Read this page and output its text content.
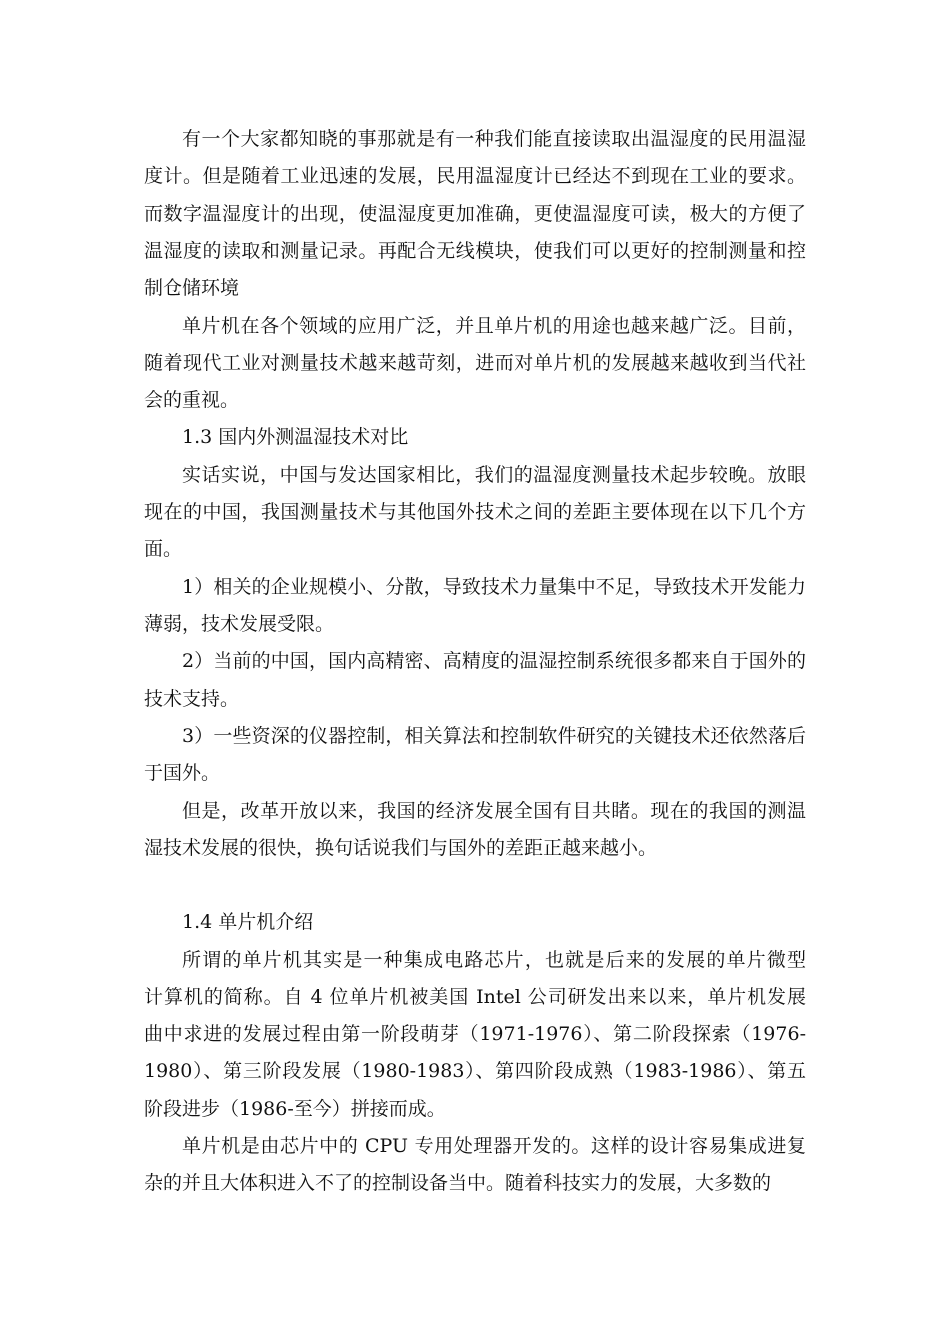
有一个大家都知晓的事那就是有一种我们能直接读取出温湿度的民用温湿
度计。但是随着工业迅速的发展，民用温湿度计已经达不到现在工业的要求。
而数字温湿度计的出现，使温湿度更加准确，更使温湿度可读，极大的方便了
温湿度的读取和测量记录。再配合无线模块，使我们可以更好的控制测量和控
制仓储环境
单片机在各个领域的应用广泛，并且单片机的用途也越来越广泛。目前，
随着现代工业对测量技术越来越苛刻，进而对单片机的发展越来越收到当代社
会的重视。
1.3 国内外测温湿技术对比
实话实说，中国与发达国家相比，我们的温湿度测量技术起步较晚。放眼
现在的中国，我国测量技术与其他国外技术之间的差距主要体现在以下几个方
面。
1）相关的企业规模小、分散，导致技术力量集中不足，导致技术开发能力
薄弱，技术发展受限。
2）当前的中国，国内高精密、高精度的温湿控制系统很多都来自于国外的
技术支持。
3）一些资深的仪器控制，相关算法和控制软件研究的关键技术还依然落后
于国外。
但是，改革开放以来，我国的经济发展全国有目共睹。现在的我国的测温
湿技术发展的很快，换句话说我们与国外的差距正越来越小。
1.4 单片机介绍
所谓的单片机其实是一种集成电路芯片，也就是后来的发展的单片微型
计算机的简称。自 4 位单片机被美国 Intel 公司研发出来以来，单片机发展
曲中求进的发展过程由第一阶段萌芽（1971-1976）、第二阶段探索（1976-
1980）、第三阶段发展（1980-1983）、第四阶段成熟（1983-1986）、第五
阶段进步（1986-至今）拼接而成。
单片机是由芯片中的 CPU 专用处理器开发的。这样的设计容易集成进复
杂的并且大体积进入不了的控制设备当中。随着科技实力的发展，大多数的
